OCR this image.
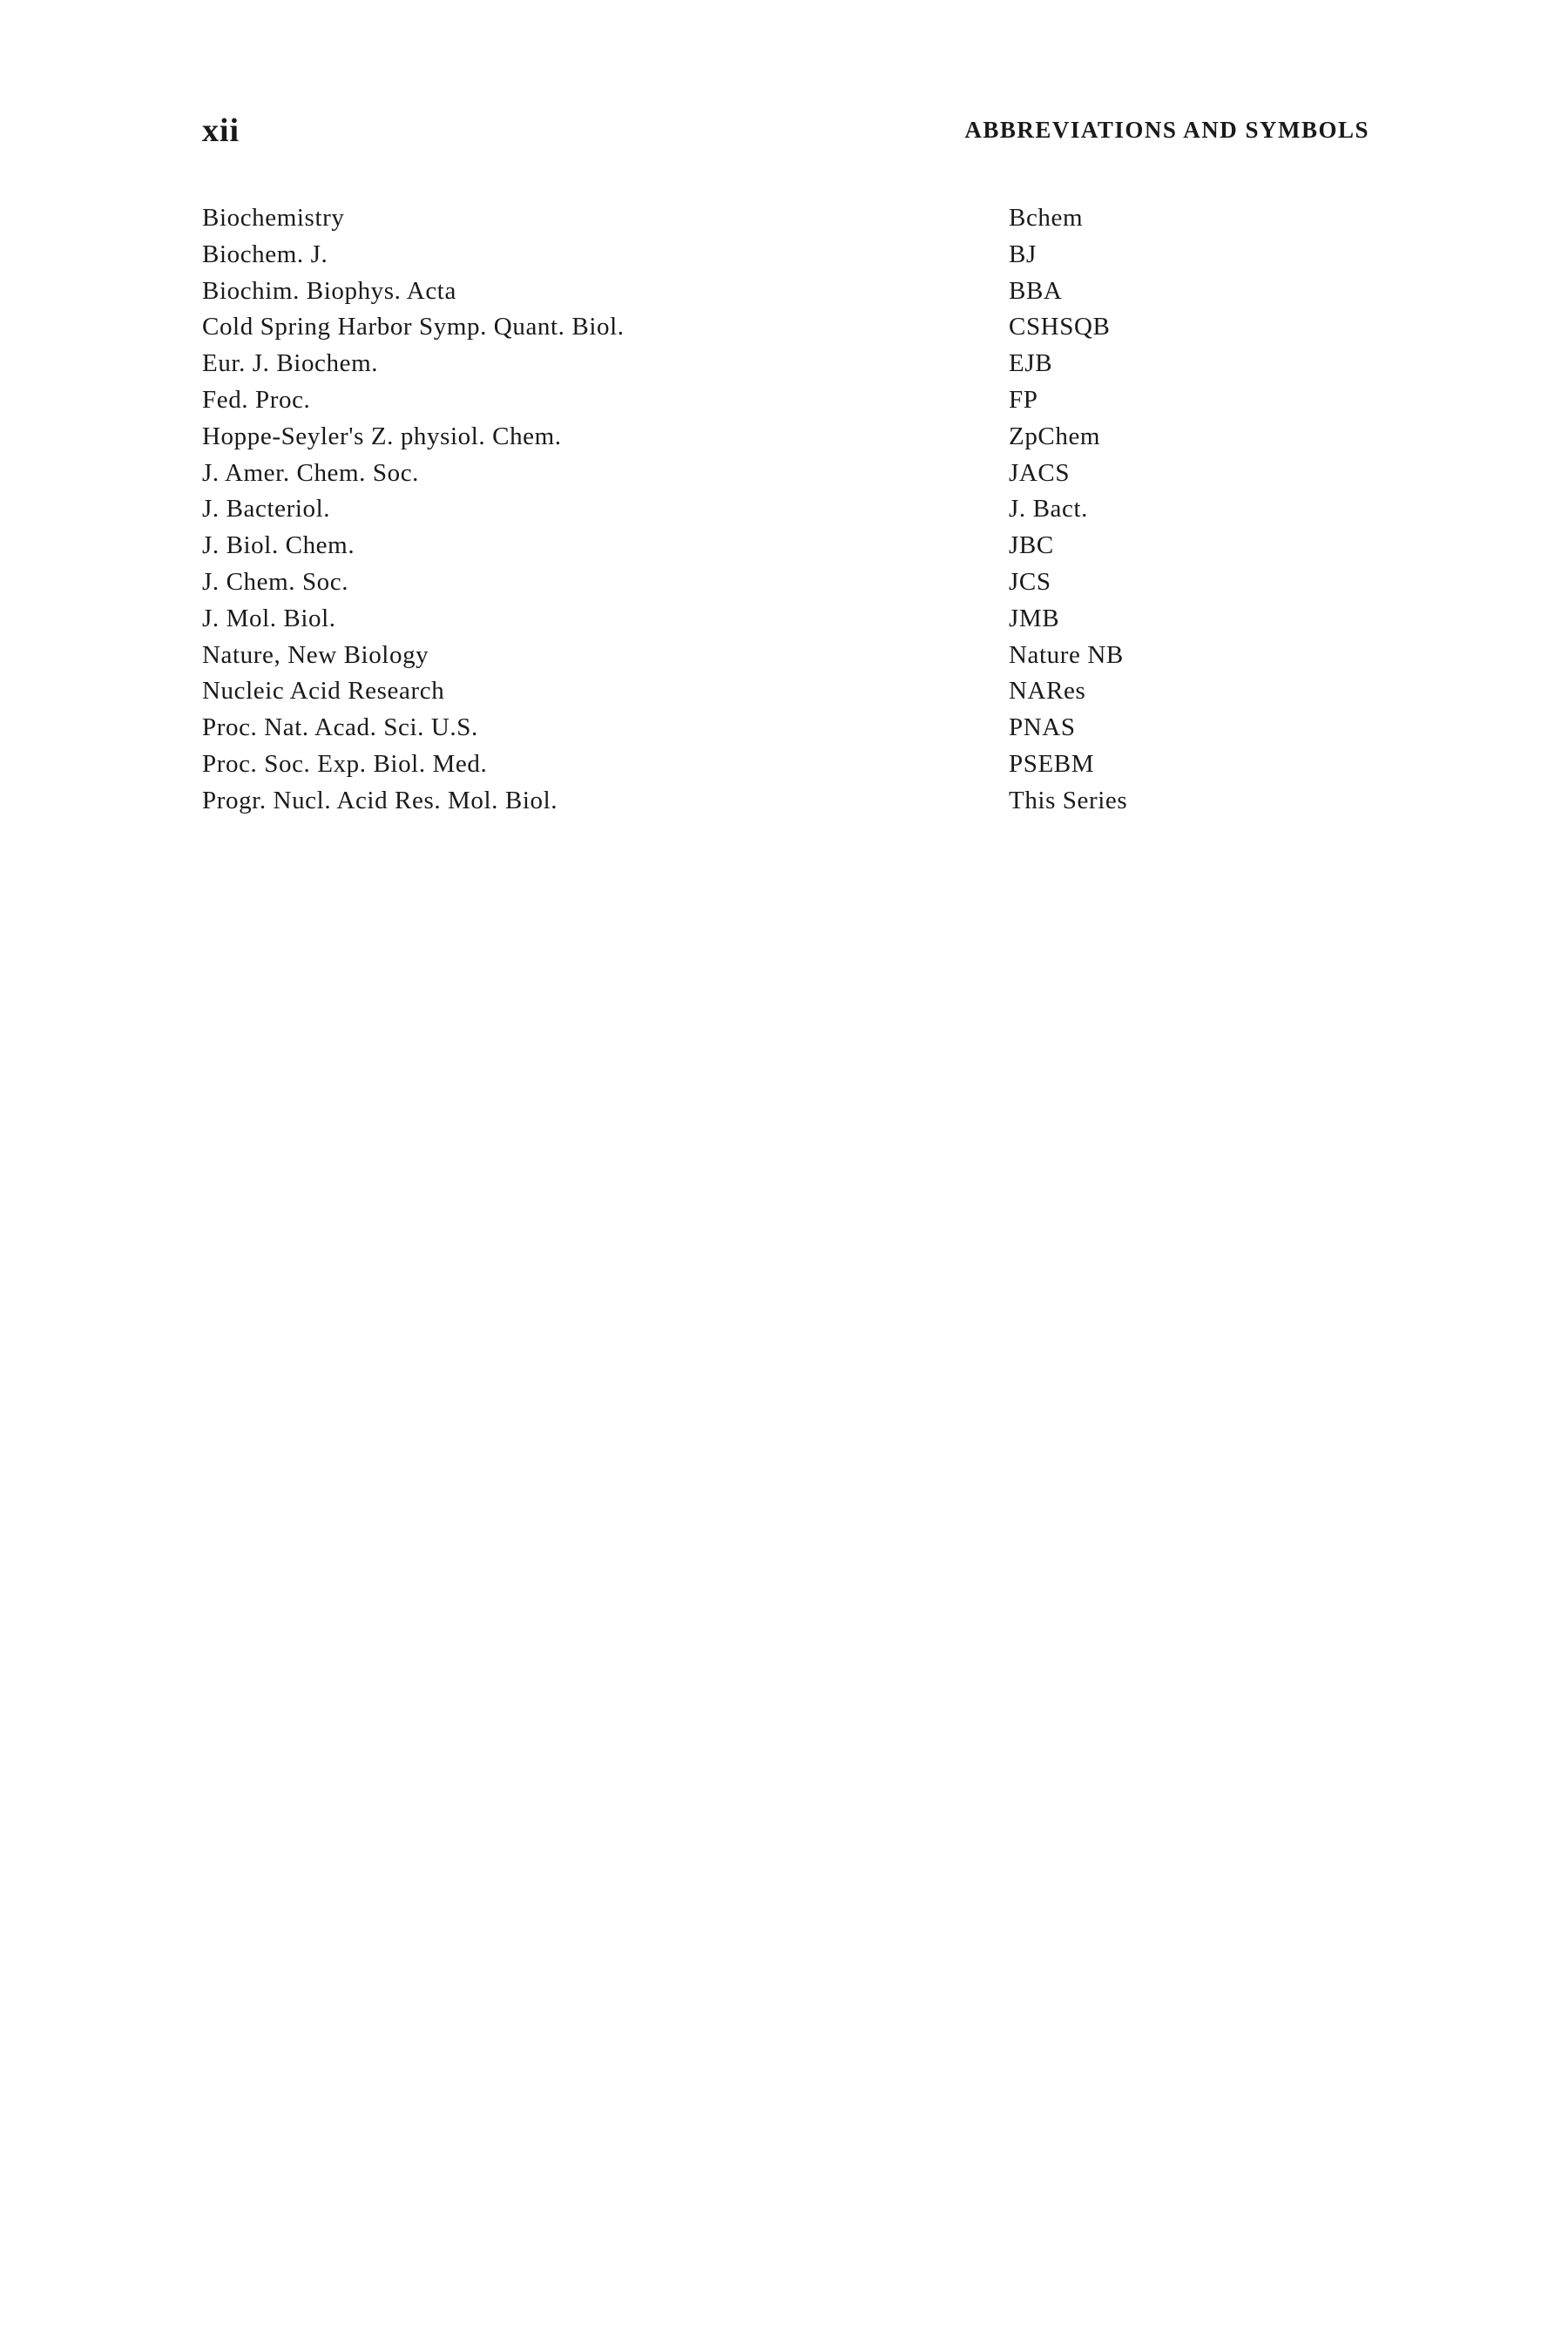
xii	ABBREVIATIONS AND SYMBOLS
Biochemistry	Bchem
Biochem. J.	BJ
Biochim. Biophys. Acta	BBA
Cold Spring Harbor Symp. Quant. Biol.	CSHSQB
Eur. J. Biochem.	EJB
Fed. Proc.	FP
Hoppe-Seyler's Z. physiol. Chem.	ZpChem
J. Amer. Chem. Soc.	JACS
J. Bacteriol.	J. Bact.
J. Biol. Chem.	JBC
J. Chem. Soc.	JCS
J. Mol. Biol.	JMB
Nature, New Biology	Nature NB
Nucleic Acid Research	NARes
Proc. Nat. Acad. Sci. U.S.	PNAS
Proc. Soc. Exp. Biol. Med.	PSEBM
Progr. Nucl. Acid Res. Mol. Biol.	This Series
